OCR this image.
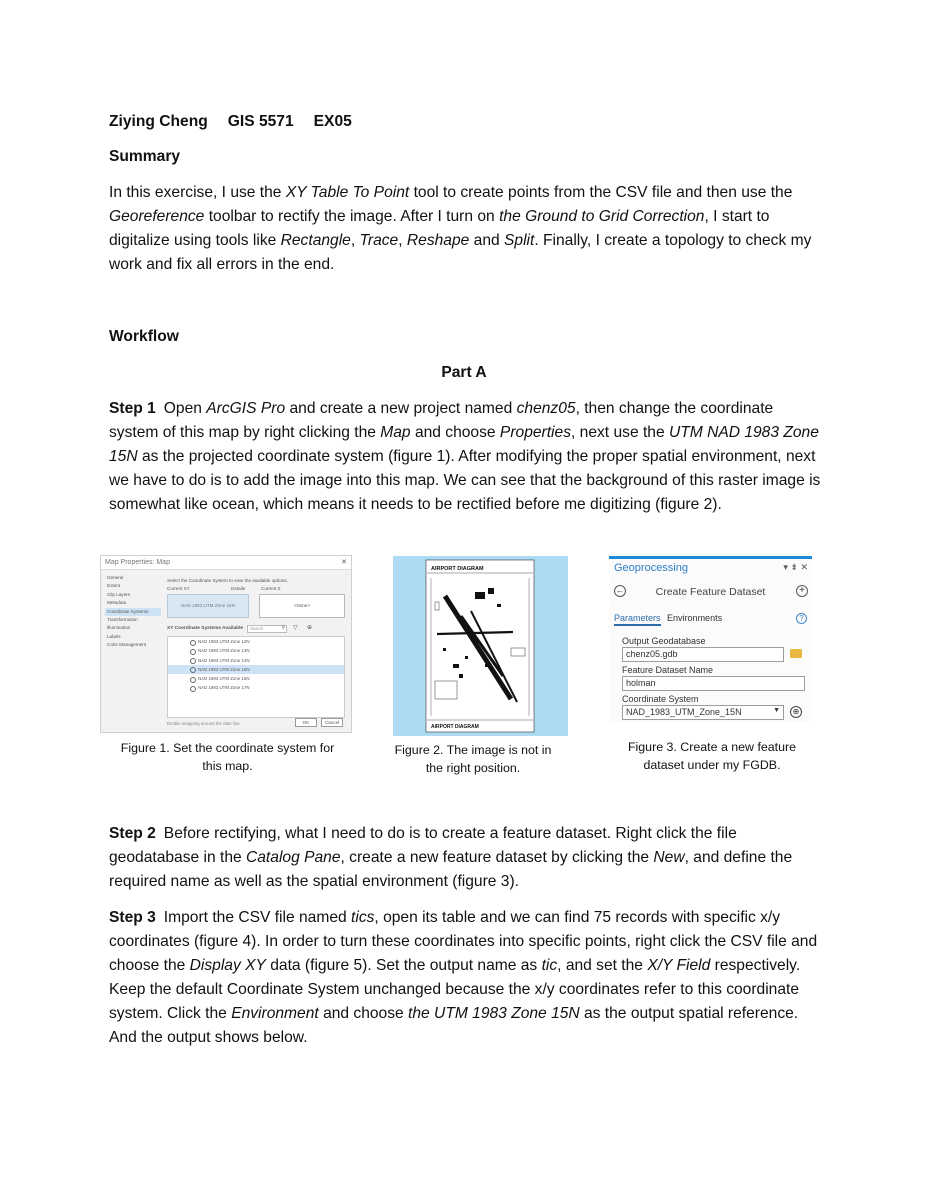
Ziying Cheng GIS 5571 EX05
Summary
In this exercise, I use the XY Table To Point tool to create points from the CSV file and then use the Georeference toolbar to rectify the image. After I turn on the Ground to Grid Correction, I start to digitalize using tools like Rectangle, Trace, Reshape and Split. Finally, I create a topology to check my work and fix all errors in the end.
Workflow
Part A
Step 1 Open ArcGIS Pro and create a new project named chenz05, then change the coordinate system of this map by right clicking the Map and choose Properties, next use the UTM NAD 1983 Zone 15N as the projected coordinate system (figure 1). After modifying the proper spatial environment, next we have to do is to add the image into this map. We can see that the background of this raster image is somewhat like ocean, which means it needs to be rectified before me digitizing (figure 2).
Map Properties: Map	✕
General
Extent
Clip Layers
Metadata
Coordinate Systems
Transformation
Illumination
Labels
Color Management
Select the Coordinate System to view the available options.
Current XY	Details	Current Z
NAD 1983 UTM Zone 15N	<None>
XY Coordinate Systems Available Search	⚲ ▽ ⊕
NAD 1983 UTM Zone 12N
NAD 1983 UTM Zone 13N
NAD 1983 UTM Zone 14N
NAD 1983 UTM Zone 15N
NAD 1983 UTM Zone 16N
NAD 1983 UTM Zone 17N
Enable wrapping around the date line	OK	Cancel
Figure 1. Set the coordinate system for this map.
AIRPORT DIAGRAM
AIRPORT DIAGRAM
Figure 2. The image is not in the right position.
Geoprocessing	▾ ⇟ ✕
←	Create Feature Dataset	+
Parameters Environments	?
Output Geodatabase
chenz05.gdb
Feature Dataset Name
holman
Coordinate System
NAD_1983_UTM_Zone_15N	▼	⊕
Figure 3. Create a new feature dataset under my FGDB.
Step 2 Before rectifying, what I need to do is to create a feature dataset. Right click the file geodatabase in the Catalog Pane, create a new feature dataset by clicking the New, and define the required name as well as the spatial environment (figure 3).
Step 3 Import the CSV file named tics, open its table and we can find 75 records with specific x/y coordinates (figure 4). In order to turn these coordinates into specific points, right click the CSV file and choose the Display XY data (figure 5). Set the output name as tic, and set the X/Y Field respectively. Keep the default Coordinate System unchanged because the x/y coordinates refer to this coordinate system. Click the Environment and choose the UTM 1983 Zone 15N as the output spatial reference. And the output shows below.
